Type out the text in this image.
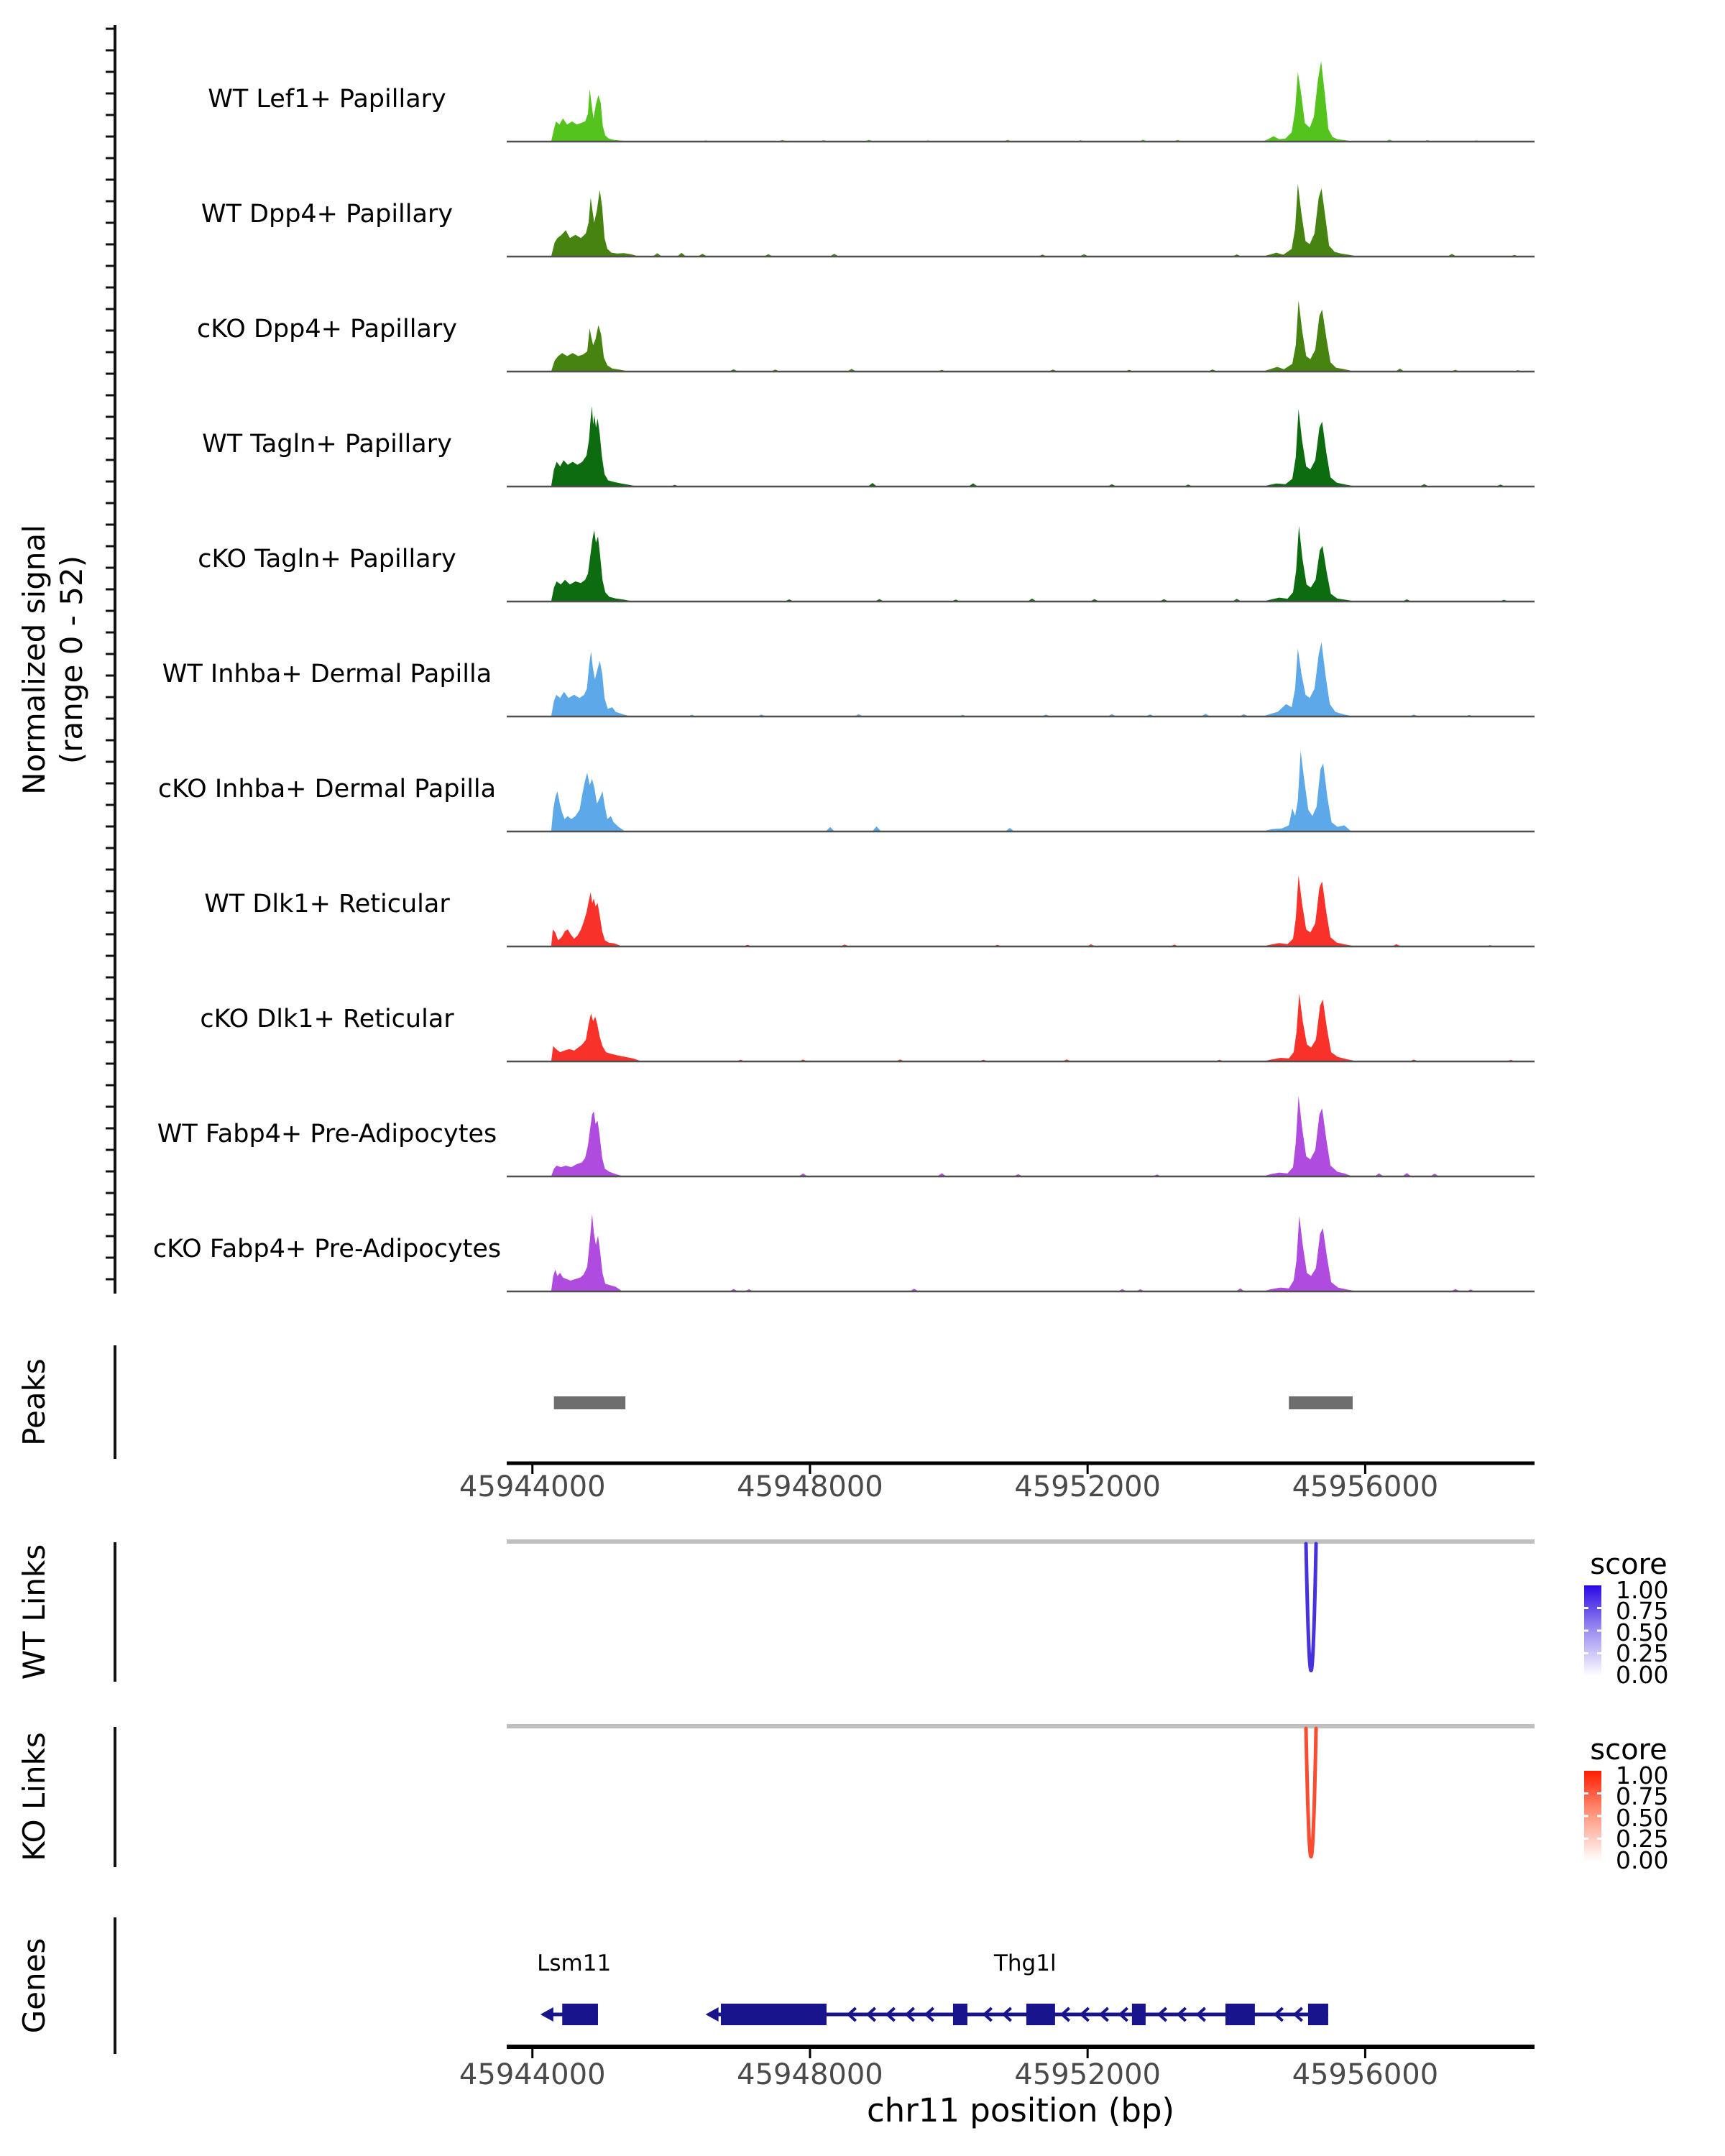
WT Lef1+ Papillary
WT Dpp4+ Papillary
cKO Dpp4+ Papillary
WT Tagln+ Papillary
cKO Tagln+ Papillary
WT Inhba+ Dermal Papilla
cKO Inhba+ Dermal Papilla
WT Dlk1+ Reticular
cKO Dlk1+ Reticular
WT Fabp4+ Pre-Adipocytes
cKO Fabp4+ Pre-Adipocytes
Normalized signal (range 0 - 52)
Peaks
45944000	45948000	45952000	45956000
WT Links	score
1.00
0.75
0.50
0.25
0.00
KO Links	score
1.00
0.75
0.50
0.25
0.00
Genes	Lsm11	Thg1l
45944000	45948000	45952000	45956000
chr11 position (bp)
